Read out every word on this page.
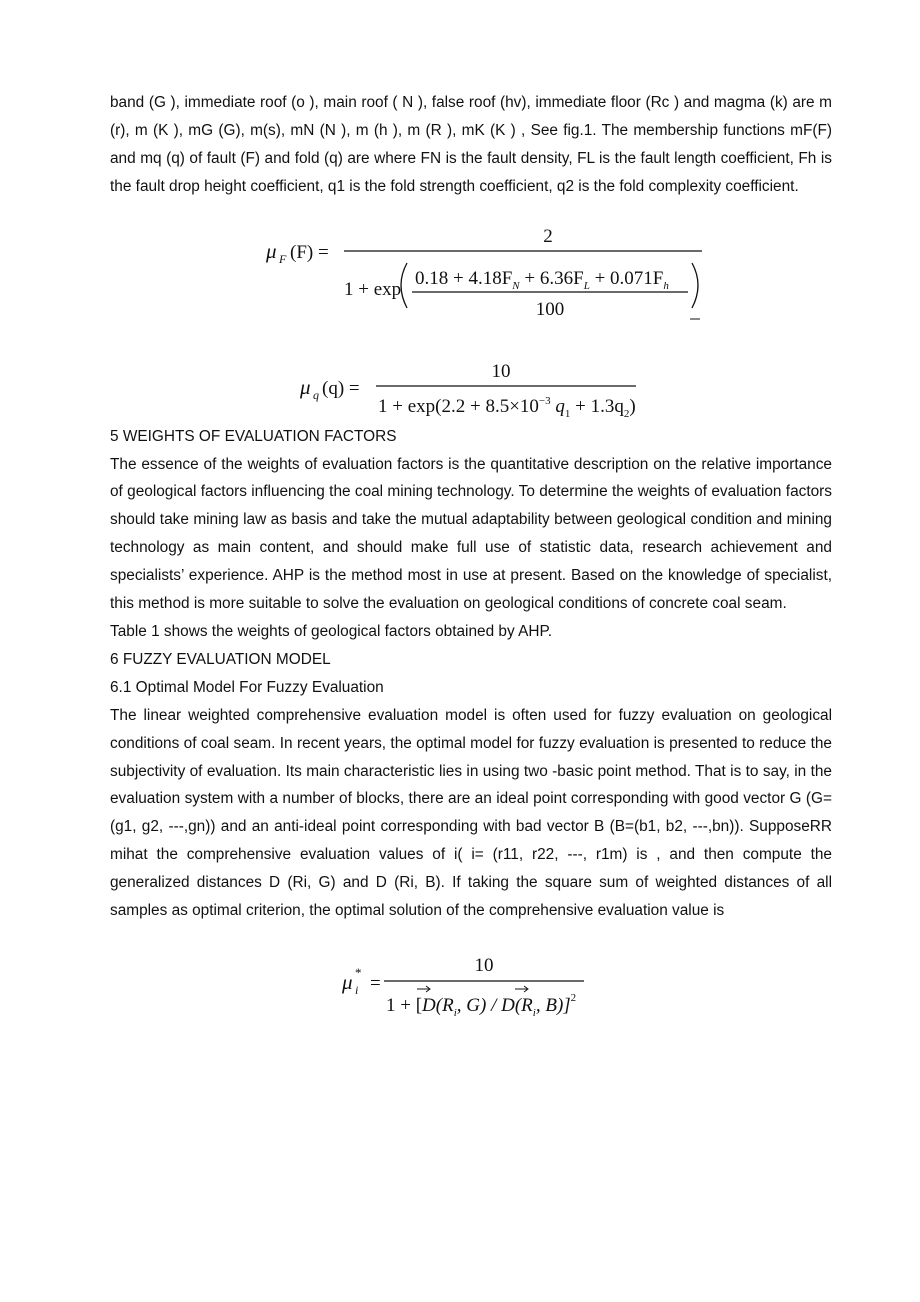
band (G ), immediate roof (o ), main roof ( N ), false roof (hv), immediate floor (Rc ) and magma (k) are m (r), m (K ), mG (G), m(s), mN (N ), m (h ), m (R ), mK (K ) , See fig.1. The membership functions mF(F) and mq (q) of fault (F) and fold (q) are where FN is the fault density, FL is the fault length coefficient, Fh is the fault drop height coefficient, q1 is the fold strength coefficient, q2 is the fold complexity coefficient.

μ F (F) =
2
1 + exp
$0.18 + 4.18F_N + 6.36F_L + 0.071F_h$
100
μ q (q) =
10
$1 + \exp(2.2 + 8.5\times 10^{-3}$ $q_1 + 1.3q_2$)

5 WEIGHTS OF EVALUATION FACTORS

The essence of the weights of evaluation factors is the quantitative description on the relative importance of geological factors influencing the coal mining technology. To determine the weights of evaluation factors should take mining law as basis and take the mutual adaptability between geological condition and mining technology as main content, and should make full use of statistic data, research achievement and specialists’ experience. AHP is the method most in use at present. Based on the knowledge of specialist, this method is more suitable to solve the evaluation on geological conditions of concrete coal seam.

Table 1 shows the weights of geological factors obtained by AHP.

6 FUZZY EVALUATION MODEL

6.1 Optimal Model For Fuzzy Evaluation

The linear weighted comprehensive evaluation model is often used for fuzzy evaluation on geological conditions of coal seam. In recent years, the optimal model for fuzzy evaluation is presented to reduce the subjectivity of evaluation. Its main characteristic lies in using two -basic point method. That is to say, in the evaluation system with a number of blocks, there are an ideal point corresponding with good vector G (G=(g1, g2, ---,gn)) and an anti-ideal point corresponding with bad vector B (B=(b1, b2, ---,bn)). SupposeRR mihat the comprehensive evaluation values of i( i= (r11, r22, ---, r1m) is , and then compute the generalized distances D (Ri, G) and D (Ri, B). If taking the square sum of weighted distances of all samples as optimal criterion, the optimal solution of the comprehensive evaluation value is

μ i
*
=
10
$1 + [D(R_i$, $G) / D(R_i$, B)]$^2$
